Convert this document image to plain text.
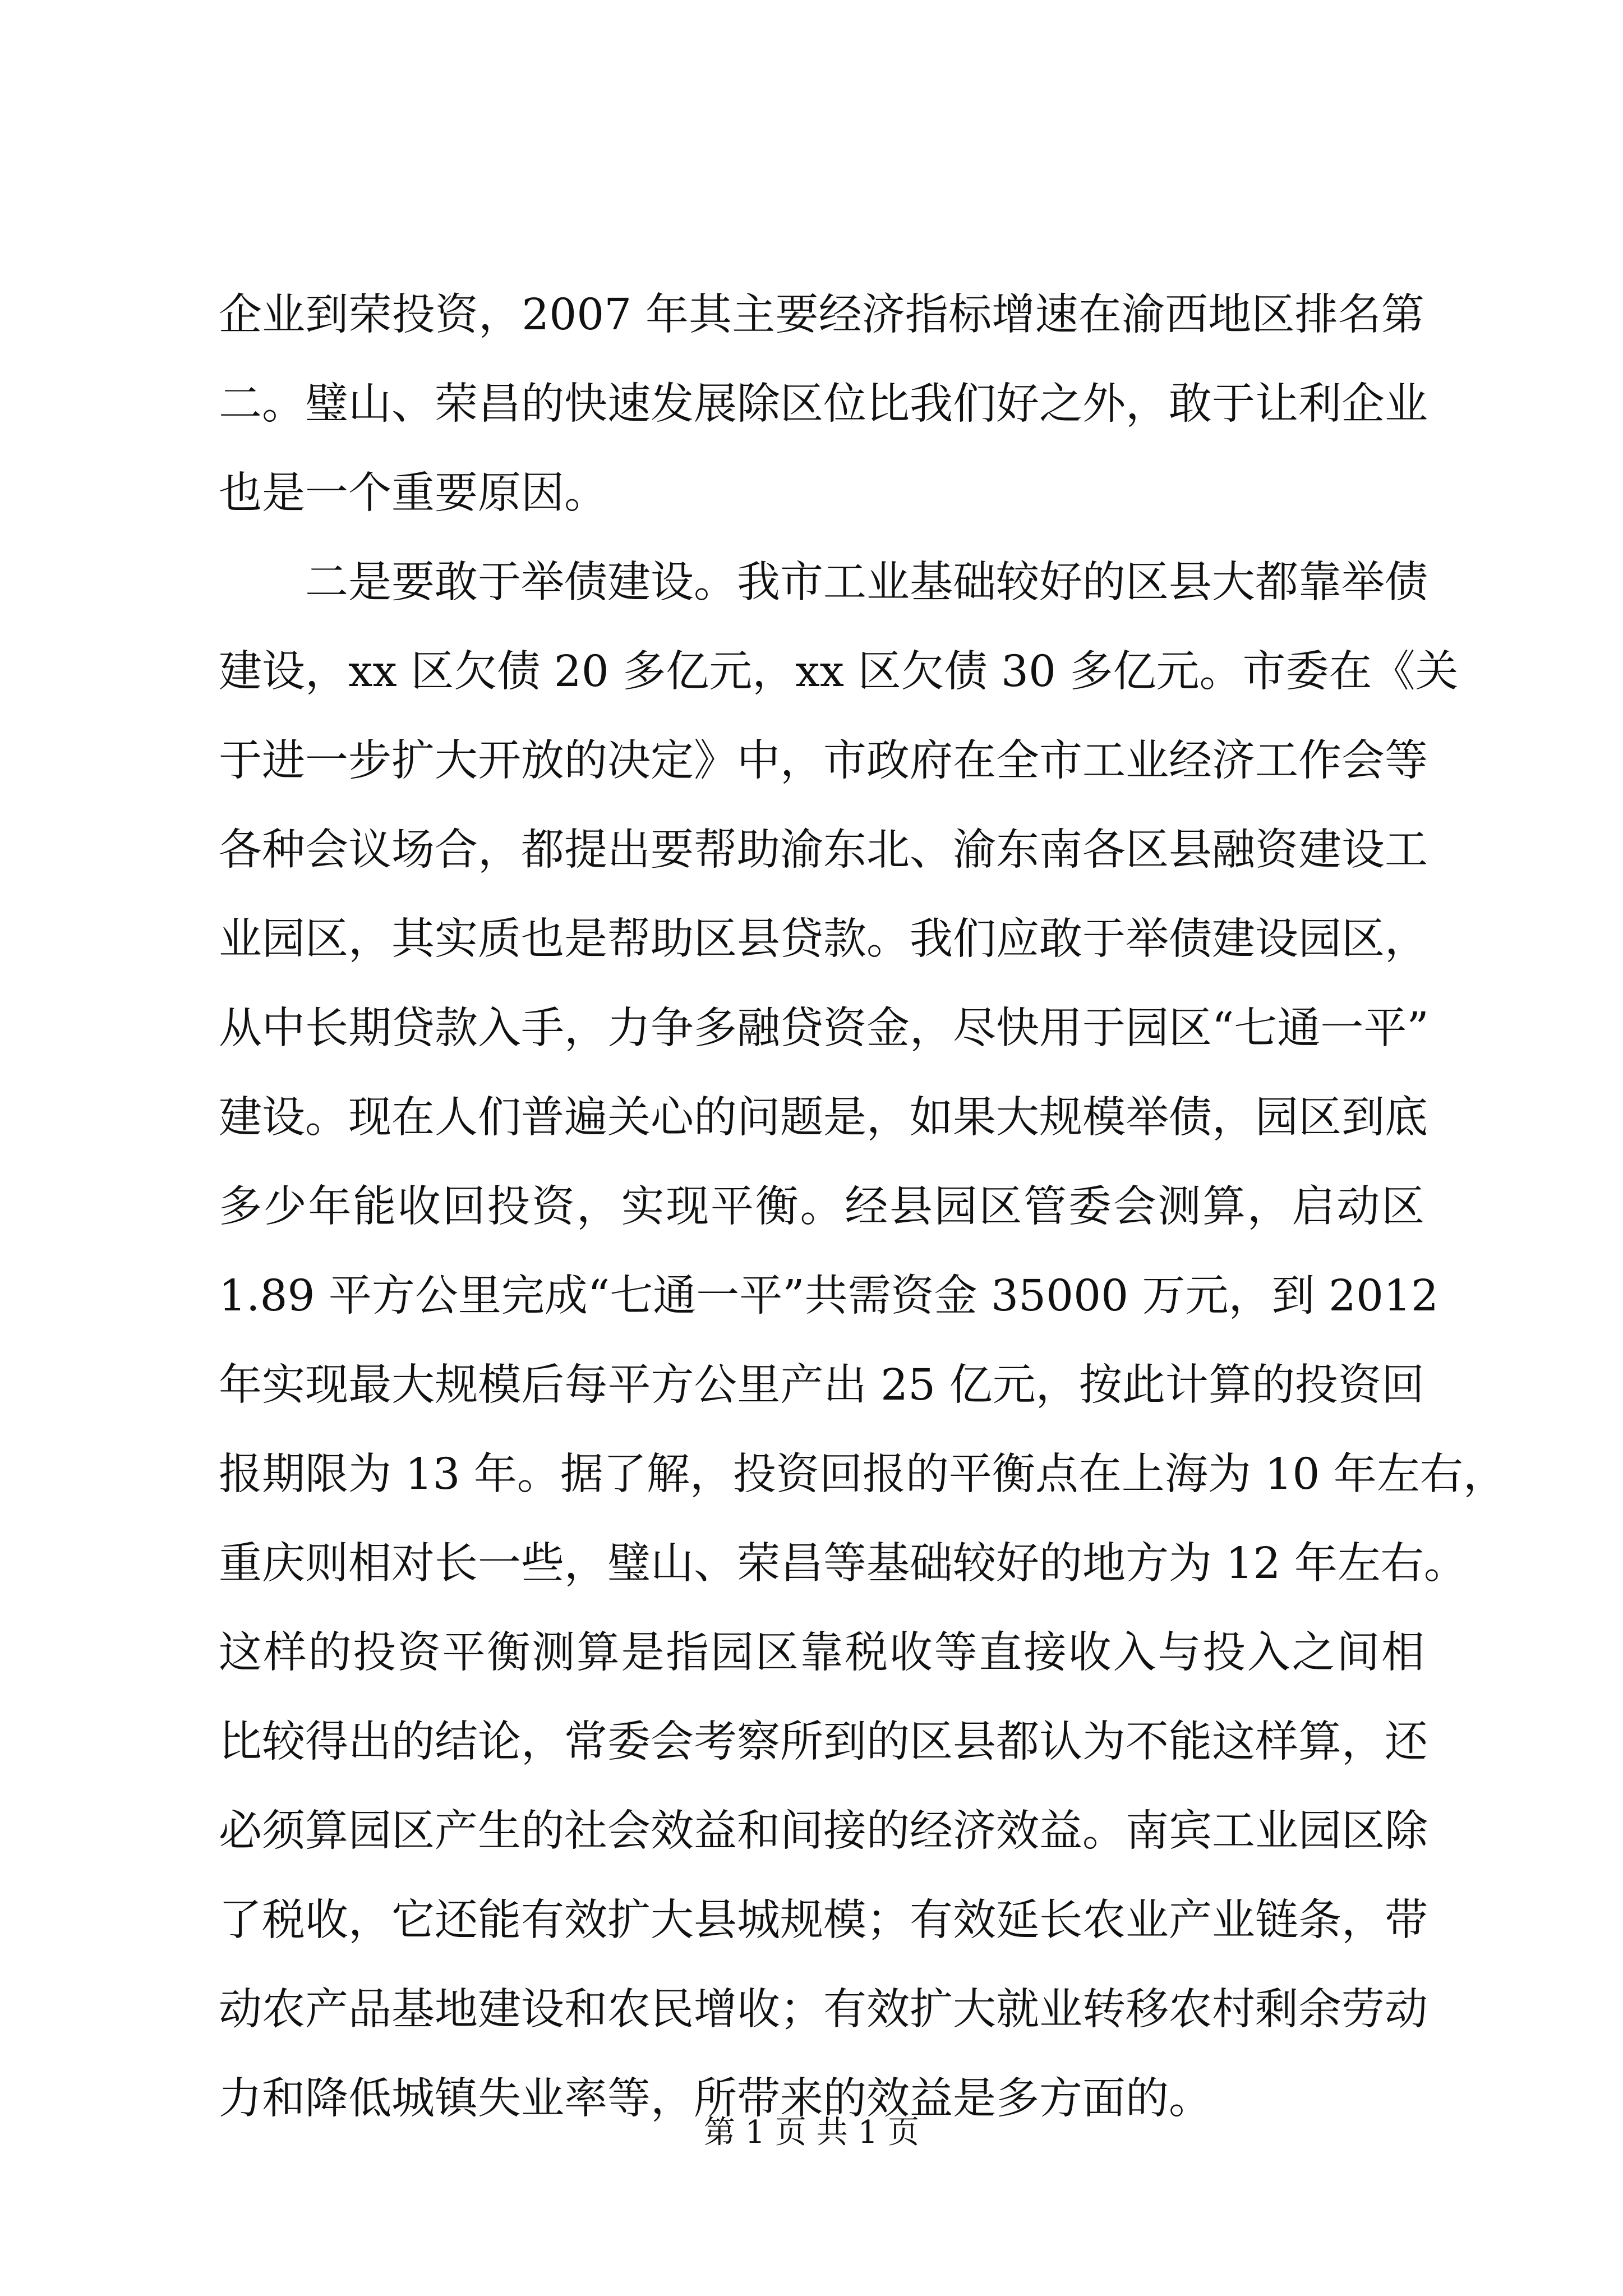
企业到荣投资，2007 年其主要经济指标增速在渝西地区排名第
二。璧山、荣昌的快速发展除区位比我们好之外，敢于让利企业
也是一个重要原因。
二是要敢于举债建设。我市工业基础较好的区县大都靠举债
建设，xx 区欠债 20 多亿元，xx 区欠债 30 多亿元。市委在《关
于进一步扩大开放的决定》中，市政府在全市工业经济工作会等
各种会议场合，都提出要帮助渝东北、渝东南各区县融资建设工
业园区，其实质也是帮助区县贷款。我们应敢于举债建设园区，
从中长期贷款入手，力争多融贷资金，尽快用于园区“七通一平”
建设。现在人们普遍关心的问题是，如果大规模举债，园区到底
多少年能收回投资，实现平衡。经县园区管委会测算，启动区
1.89 平方公里完成“七通一平”共需资金 35000 万元，到 2012
年实现最大规模后每平方公里产出 25 亿元，按此计算的投资回
报期限为 13 年。据了解，投资回报的平衡点在上海为 10 年左右，
重庆则相对长一些，璧山、荣昌等基础较好的地方为 12 年左右。
这样的投资平衡测算是指园区靠税收等直接收入与投入之间相
比较得出的结论，常委会考察所到的区县都认为不能这样算，还
必须算园区产生的社会效益和间接的经济效益。南宾工业园区除
了税收，它还能有效扩大县城规模；有效延长农业产业链条，带
动农产品基地建设和农民增收；有效扩大就业转移农村剩余劳动
力和降低城镇失业率等，所带来的效益是多方面的。
第 1 页 共 1 页
